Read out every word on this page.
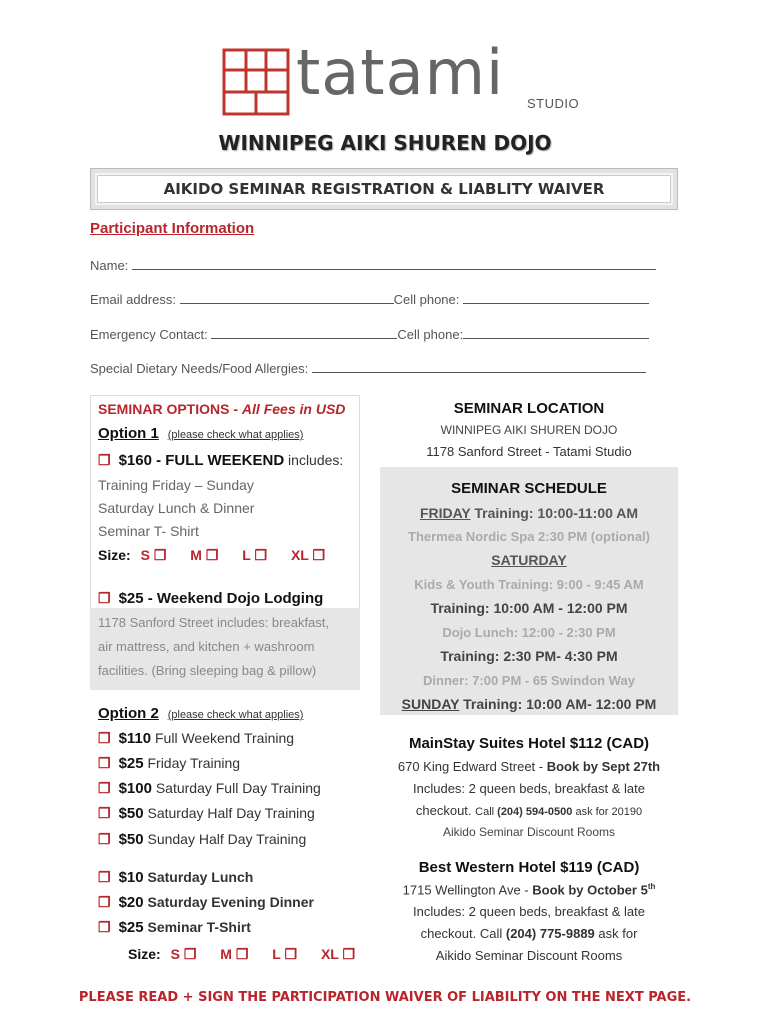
tatami STUDIO
WINNIPEG AIKI SHUREN DOJO
AIKIDO SEMINAR REGISTRATION & LIABLITY WAIVER
Participant Information
Name:
Email address:	Cell phone:
Emergency Contact:	Cell phone:
Special Dietary Needs/Food Allergies:
SEMINAR OPTIONS - All Fees in USD
Option 1 (please check what applies)
❒ $160 - FULL WEEKEND includes:
Training Friday – Sunday
Saturday Lunch & Dinner
Seminar T- Shirt
Size: S ❒ M ❒ L ❒ XL ❒
❒ $25 - Weekend Dojo Lodging
1178 Sanford Street includes: breakfast,
air mattress, and kitchen + washroom
facilities. (Bring sleeping bag & pillow)
Option 2 (please check what applies)
❒ $110 Full Weekend Training
❒ $25 Friday Training
❒ $100 Saturday Full Day Training
❒ $50 Saturday Half Day Training
❒ $50 Sunday Half Day Training
❒ $10 Saturday Lunch
❒ $20 Saturday Evening Dinner
❒ $25 Seminar T-Shirt
Size: S ❒ M ❒ L ❒ XL ❒
SEMINAR LOCATION
WINNIPEG AIKI SHUREN DOJO
1178 Sanford Street - Tatami Studio
SEMINAR SCHEDULE
FRIDAY Training: 10:00-11:00 AM
Thermea Nordic Spa 2:30 PM (optional)
SATURDAY
Kids & Youth Training: 9:00 - 9:45 AM
Training: 10:00 AM - 12:00 PM
Dojo Lunch: 12:00 - 2:30 PM
Training: 2:30 PM- 4:30 PM
Dinner: 7:00 PM - 65 Swindon Way
SUNDAY Training: 10:00 AM- 12:00 PM
MainStay Suites Hotel $112 (CAD)
670 King Edward Street - Book by Sept 27th
Includes: 2 queen beds, breakfast & late
checkout. Call (204) 594-0500 ask for 20190
Aikido Seminar Discount Rooms
Best Western Hotel $119 (CAD)
1715 Wellington Ave - Book by October 5th
Includes: 2 queen beds, breakfast & late
checkout. Call (204) 775-9889 ask for
Aikido Seminar Discount Rooms
PLEASE READ + SIGN THE PARTICIPATION WAIVER OF LIABILITY ON THE NEXT PAGE.
